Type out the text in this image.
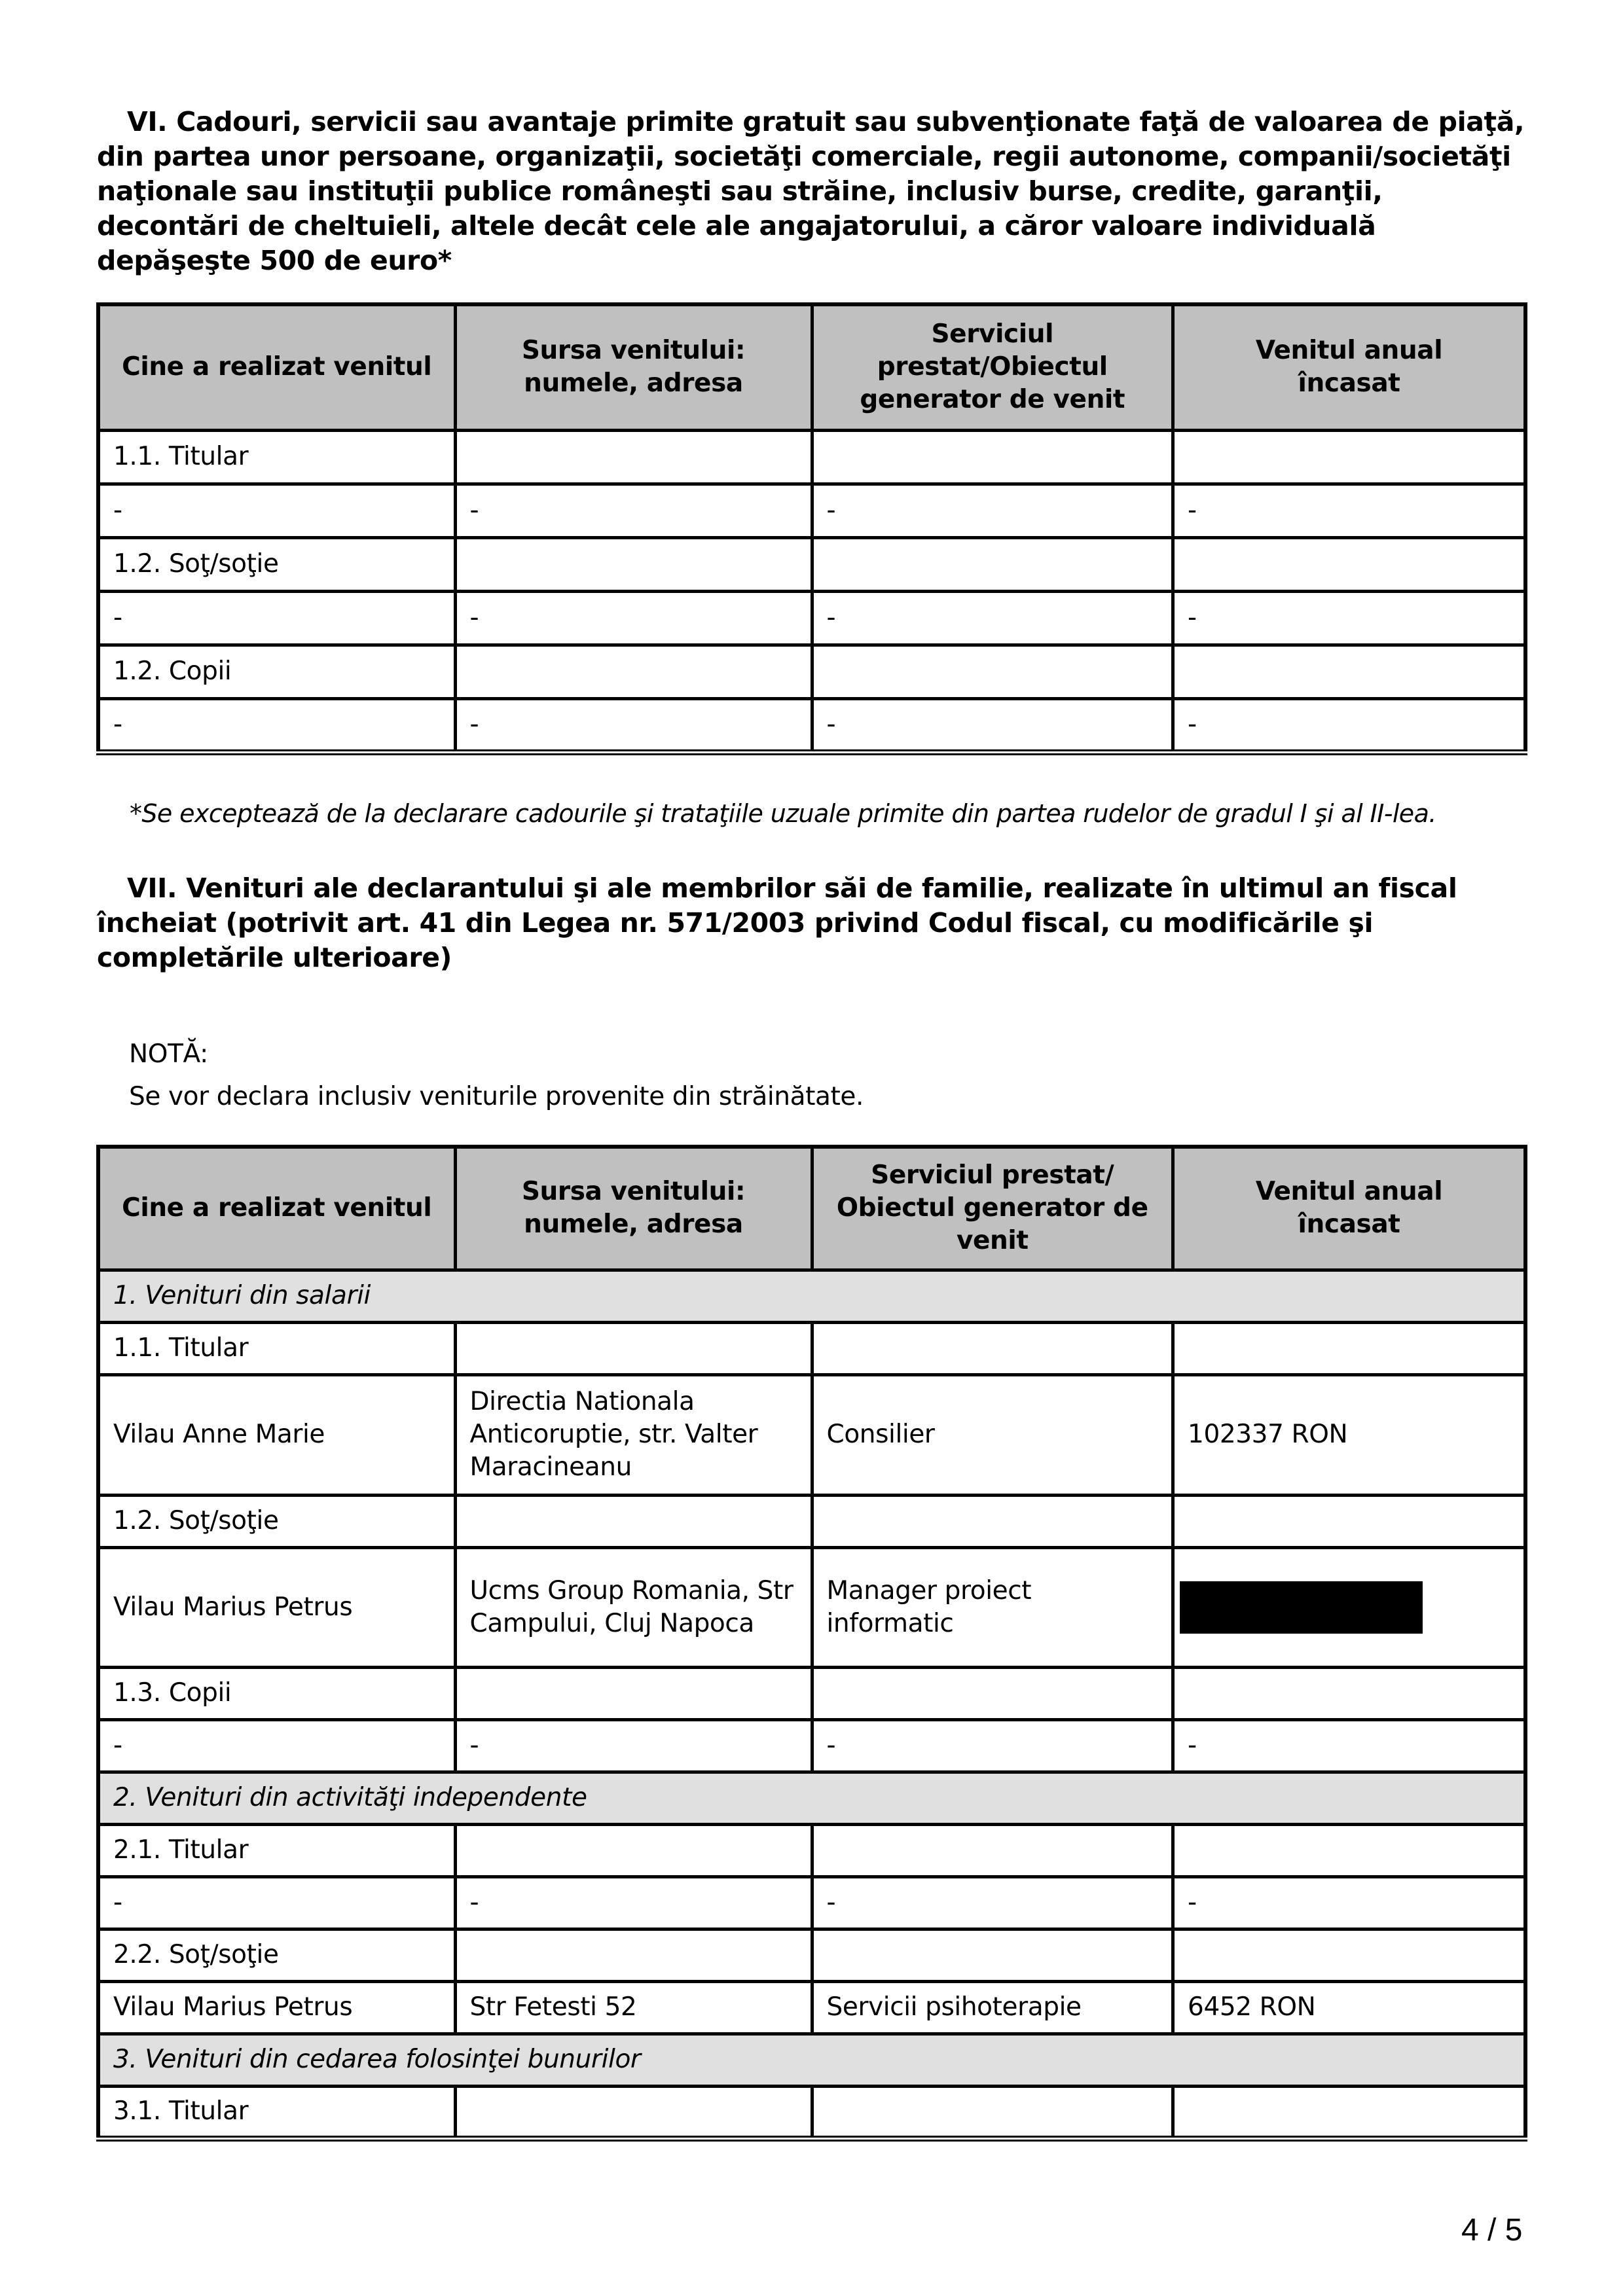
VI. Cadouri, servicii sau avantaje primite gratuit sau subvenţionate faţă de valoarea de piaţă, din partea unor persoane, organizaţii, societăţi comerciale, regii autonome, companii/societăţi naţionale sau instituţii publice româneşti sau străine, inclusiv burse, credite, garanţii, decontări de cheltuieli, altele decât cele ale angajatorului, a căror valoare individuală depăşeşte 500 de euro*

Cine a realizat venitul	Sursa venitului: numele, adresa	Serviciul prestat/Obiectul generator de venit	Venitul anual încasat
1.1. Titular			
-	-	-	-
1.2. Soţ/soţie			
-	-	-	-
1.2. Copii			
-	-	-	-
*Se exceptează de la declarare cadourile şi trataţiile uzuale primite din partea rudelor de gradul I şi al II-lea.

VII. Venituri ale declarantului şi ale membrilor săi de familie, realizate în ultimul an fiscal încheiat (potrivit art. 41 din Legea nr. 571/2003 privind Codul fiscal, cu modificările şi completările ulterioare)

NOTĂ:
Se vor declara inclusiv veniturile provenite din străinătate.
Cine a realizat venitul	Sursa venitului: numele, adresa	Serviciul prestat/ Obiectul generator de venit	Venitul anual încasat
1. Venituri din salarii			
1.1. Titular			
Vilau Anne Marie	Directia Nationala Anticoruptie, str. Valter Maracineanu	Consilier	102337 RON
1.2. Soţ/soţie			
Vilau Marius Petrus	Ucms Group Romania, Str Campului, Cluj Napoca	Manager proiect informatic	
1.3. Copii			
-	-	-	-
2. Venituri din activităţi independente			
2.1. Titular			
-	-	-	-
2.2. Soţ/soţie			
Vilau Marius Petrus	Str Fetesti 52	Servicii psihoterapie	6452 RON
3. Venituri din cedarea folosinţei bunurilor			
3.1. Titular			
4 / 5
